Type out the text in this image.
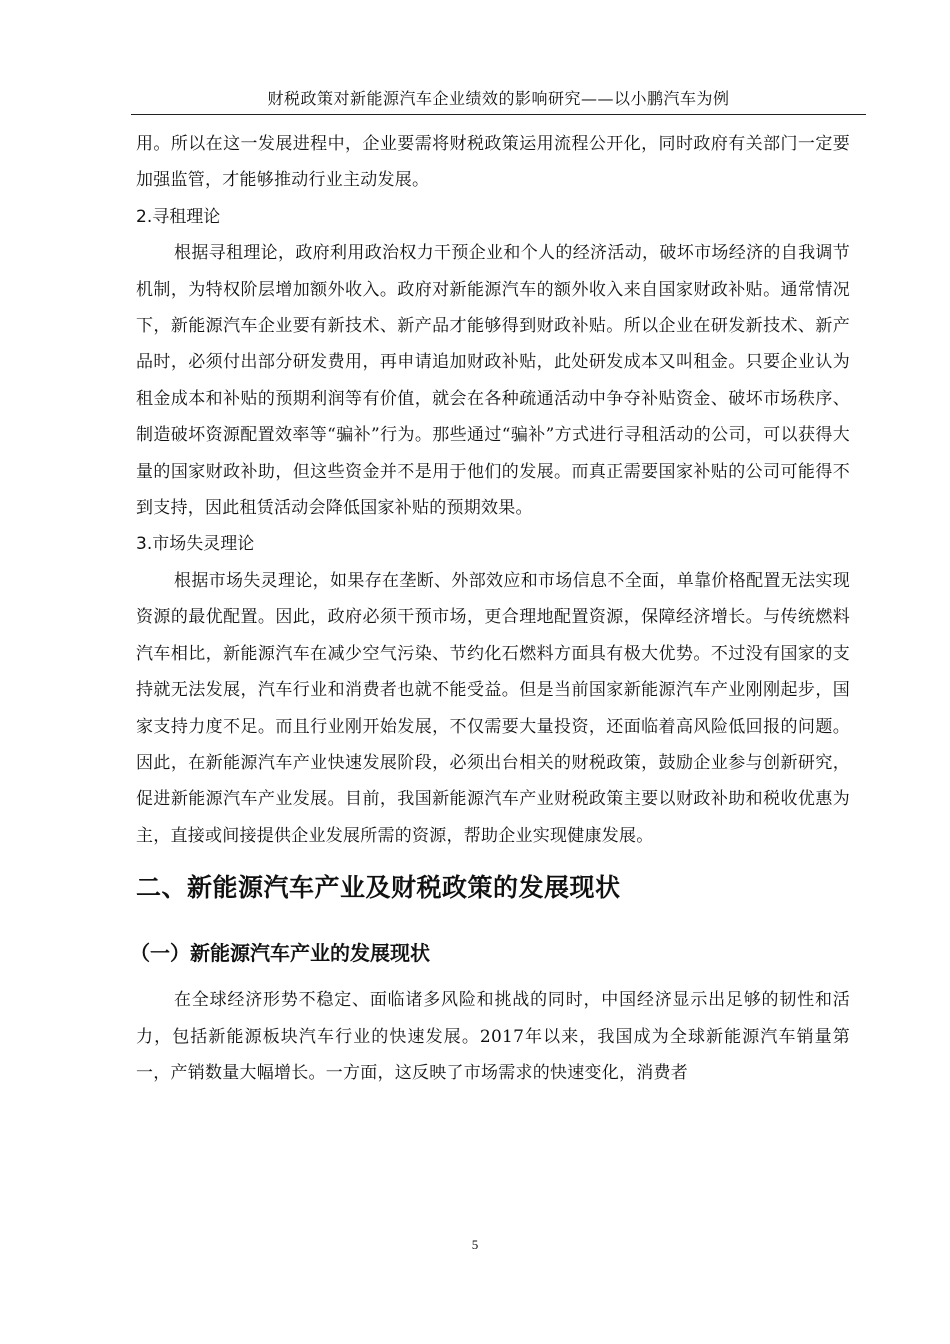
财税政策对新能源汽车企业绩效的影响研究——以小鹏汽车为例

用。所以在这一发展进程中，企业要需将财税政策运用流程公开化，同时政府有关部门一定要加强监管，才能够推动行业主动发展。

2.寻租理论

根据寻租理论，政府利用政治权力干预企业和个人的经济活动，破坏市场经济的自我调节机制，为特权阶层增加额外收入。政府对新能源汽车的额外收入来自国家财政补贴。通常情况下，新能源汽车企业要有新技术、新产品才能够得到财政补贴。所以企业在研发新技术、新产品时，必须付出部分研发费用，再申请追加财政补贴，此处研发成本又叫租金。只要企业认为租金成本和补贴的预期利润等有价值，就会在各种疏通活动中争夺补贴资金、破坏市场秩序、制造破坏资源配置效率等“骗补”行为。那些通过“骗补”方式进行寻租活动的公司，可以获得大量的国家财政补助，但这些资金并不是用于他们的发展。而真正需要国家补贴的公司可能得不到支持，因此租赁活动会降低国家补贴的预期效果。

3.市场失灵理论

根据市场失灵理论，如果存在垄断、外部效应和市场信息不全面，单靠价格配置无法实现资源的最优配置。因此，政府必须干预市场，更合理地配置资源，保障经济增长。与传统燃料汽车相比，新能源汽车在减少空气污染、节约化石燃料方面具有极大优势。不过没有国家的支持就无法发展，汽车行业和消费者也就不能受益。但是当前国家新能源汽车产业刚刚起步，国家支持力度不足。而且行业刚开始发展，不仅需要大量投资，还面临着高风险低回报的问题。因此，在新能源汽车产业快速发展阶段，必须出台相关的财税政策，鼓励企业参与创新研究，促进新能源汽车产业发展。目前，我国新能源汽车产业财税政策主要以财政补助和税收优惠为主，直接或间接提供企业发展所需的资源，帮助企业实现健康发展。

二、新能源汽车产业及财税政策的发展现状
（一）新能源汽车产业的发展现状

在全球经济形势不稳定、面临诸多风险和挑战的同时，中国经济显示出足够的韧性和活力，包括新能源板块汽车行业的快速发展。2017年以来，我国成为全球新能源汽车销量第一，产销数量大幅增长。一方面，这反映了市场需求的快速变化，消费者

5
